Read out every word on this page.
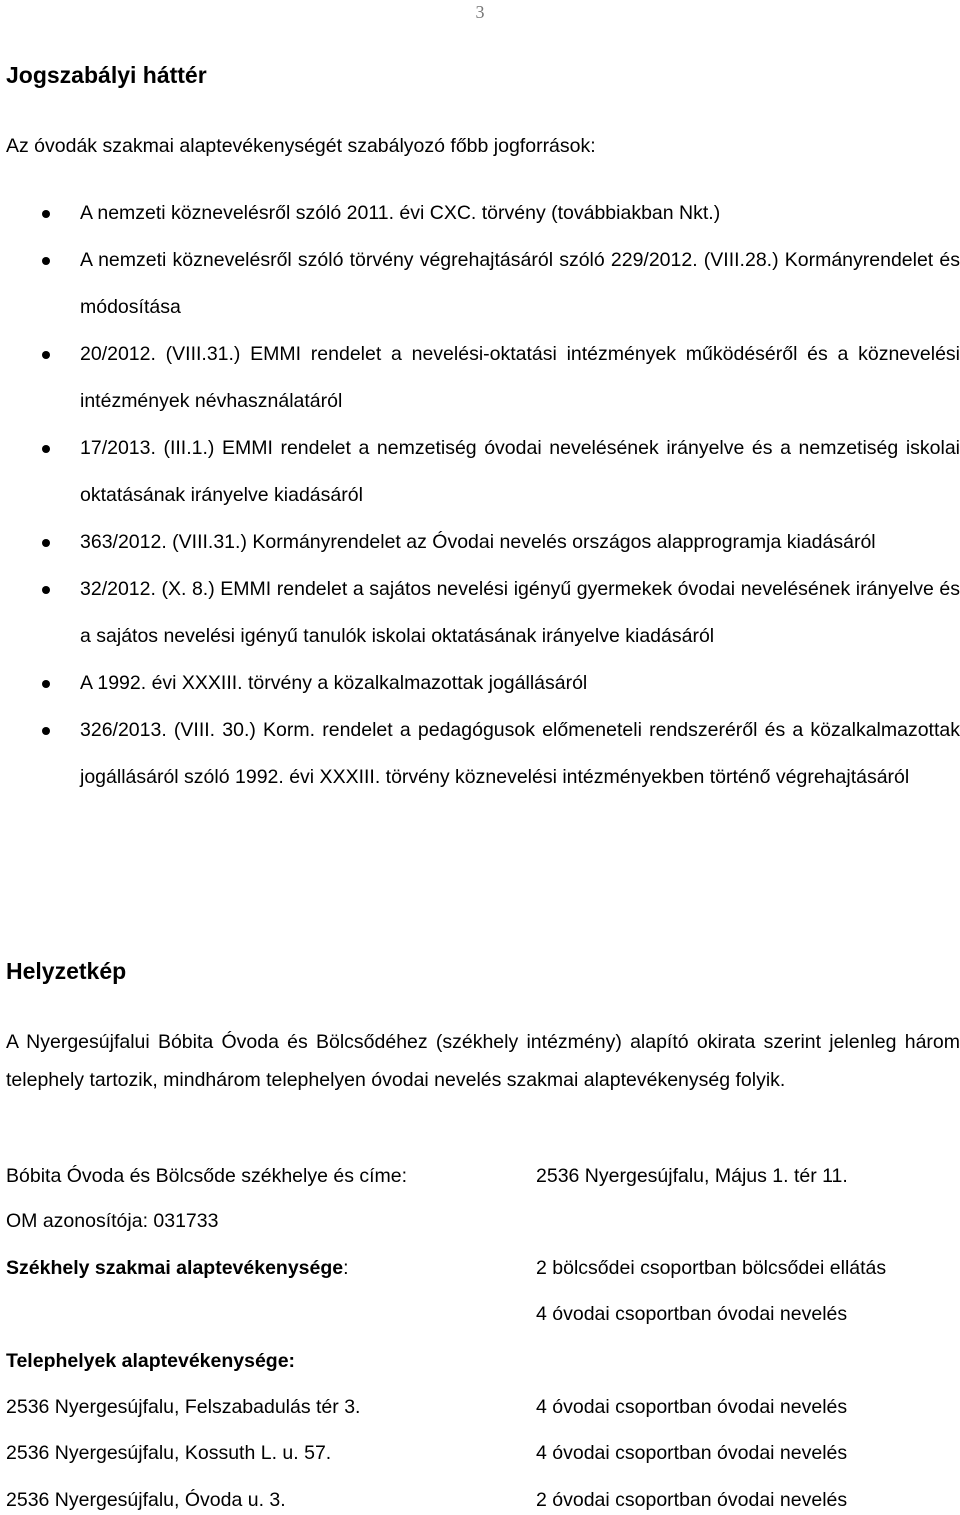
3
Jogszabályi háttér
Az óvodák szakmai alaptevékenységét szabályozó főbb jogforrások:
A nemzeti köznevelésről szóló 2011. évi CXC. törvény (továbbiakban Nkt.)
A nemzeti köznevelésről szóló törvény végrehajtásáról szóló 229/2012. (VIII.28.) Kormányrendelet és módosítása
20/2012. (VIII.31.) EMMI rendelet a nevelési-oktatási intézmények működéséről és a köznevelési intézmények névhasználatáról
17/2013. (III.1.) EMMI rendelet a nemzetiség óvodai nevelésének irányelve és a nemzetiség iskolai oktatásának irányelve kiadásáról
363/2012. (VIII.31.) Kormányrendelet az Óvodai nevelés országos alapprogramja kiadásáról
32/2012. (X. 8.) EMMI rendelet a sajátos nevelési igényű gyermekek óvodai nevelésének irányelve és a sajátos nevelési igényű tanulók iskolai oktatásának irányelve kiadásáról
A 1992. évi XXXIII. törvény a közalkalmazottak jogállásáról
326/2013. (VIII. 30.) Korm. rendelet a pedagógusok előmeneteli rendszeréről és a közalkalmazottak jogállásáról szóló 1992. évi XXXIII. törvény köznevelési intézményekben történő végrehajtásáról
Helyzetkép

A Nyergesújfalui Bóbita Óvoda és Bölcsődéhez (székhely intézmény) alapító okirata szerint jelenleg három telephely tartozik, mindhárom telephelyen óvodai nevelés szakmai alaptevékenység folyik.

Bóbita Óvoda és Bölcsőde székhelye és címe:	2536 Nyergesújfalu, Május 1. tér 11.
OM azonosítója: 031733
Székhely szakmai alaptevékenysége:	2 bölcsődei csoportban bölcsődei ellátás
4 óvodai csoportban óvodai nevelés
Telephelyek alaptevékenysége:
2536 Nyergesújfalu, Felszabadulás tér 3.	4 óvodai csoportban óvodai nevelés
2536 Nyergesújfalu, Kossuth L. u. 57.	4 óvodai csoportban óvodai nevelés
2536 Nyergesújfalu, Óvoda u. 3.	2 óvodai csoportban óvodai nevelés
